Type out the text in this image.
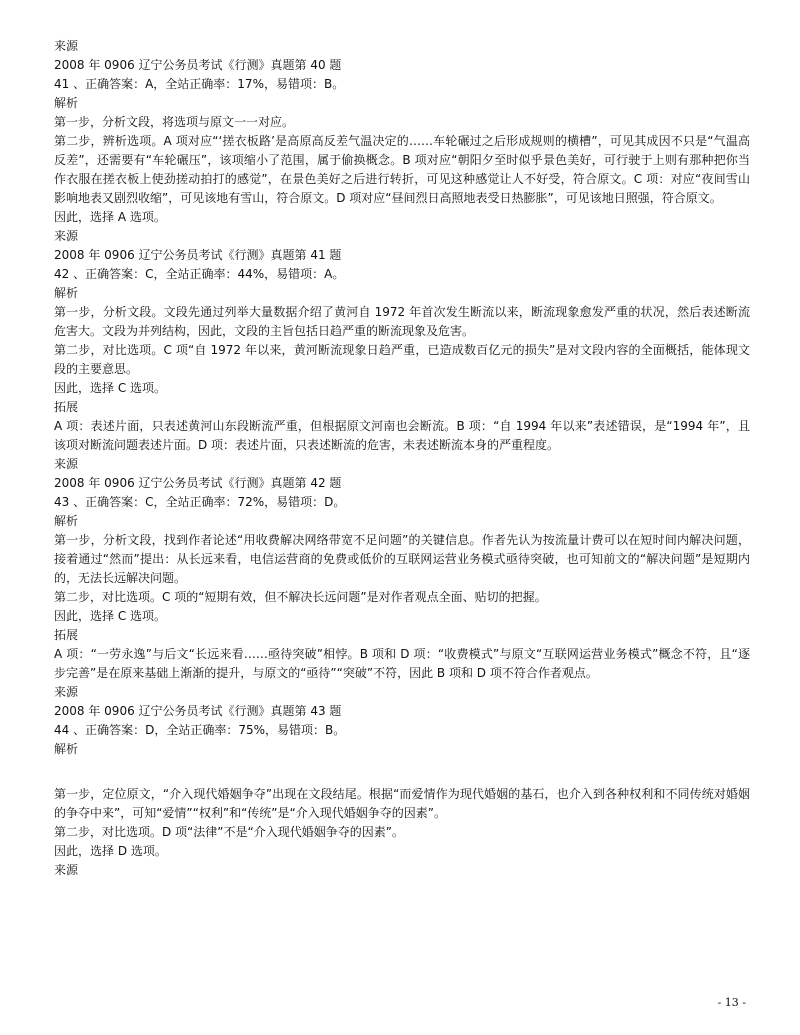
来源

2008 年 0906 辽宁公务员考试《行测》真题第 40 题

41 、正确答案：A，全站正确率：17%，易错项：B。

解析

第一步，分析文段，将选项与原文一一对应。

第二步，辨析选项。A 项对应“‘搓衣板路’是高原高反差气温决定的……车轮碾过之后形成规则的横槽”，可见其成因不只是“气温高反差”，还需要有“车轮碾压”，该项缩小了范围，属于偷换概念。B 项对应“朝阳夕至时似乎景色美好，可行驶于上则有那种把你当作衣服在搓衣板上使劲搓动拍打的感觉”，在景色美好之后进行转折，可见这种感觉让人不好受，符合原文。C 项：对应“夜间雪山影响地表又剧烈收缩”，可见该地有雪山，符合原文。D 项对应“昼间烈日高照地表受日热膨胀”，可见该地日照强，符合原文。

因此，选择 A 选项。

来源

2008 年 0906 辽宁公务员考试《行测》真题第 41 题

42 、正确答案：C，全站正确率：44%，易错项：A。

解析

第一步，分析文段。文段先通过列举大量数据介绍了黄河自 1972 年首次发生断流以来，断流现象愈发严重的状况，然后表述断流危害大。文段为并列结构，因此，文段的主旨包括日趋严重的断流现象及危害。

第二步，对比选项。C 项“自 1972 年以来，黄河断流现象日趋严重，已造成数百亿元的损失”是对文段内容的全面概括，能体现文段的主要意思。

因此，选择 C 选项。

拓展

A 项：表述片面，只表述黄河山东段断流严重，但根据原文河南也会断流。B 项：“自 1994 年以来”表述错误，是“1994 年”，且该项对断流问题表述片面。D 项：表述片面，只表述断流的危害，未表述断流本身的严重程度。

来源

2008 年 0906 辽宁公务员考试《行测》真题第 42 题

43 、正确答案：C，全站正确率：72%，易错项：D。

解析

第一步，分析文段，找到作者论述“用收费解决网络带宽不足问题”的关键信息。作者先认为按流量计费可以在短时间内解决问题，接着通过“然而”提出：从长远来看，电信运营商的免费或低价的互联网运营业务模式亟待突破，也可知前文的“解决问题”是短期内的，无法长远解决问题。

第二步，对比选项。C 项的“短期有效，但不解决长远问题”是对作者观点全面、贴切的把握。

因此，选择 C 选项。

拓展

A 项：“一劳永逸”与后文“长远来看……亟待突破”相悖。B 项和 D 项：“收费模式”与原文“互联网运营业务模式”概念不符，且“逐步完善”是在原来基础上渐渐的提升，与原文的“亟待”“突破”不符，因此 B 项和 D 项不符合作者观点。

来源

2008 年 0906 辽宁公务员考试《行测》真题第 43 题

44 、正确答案：D，全站正确率：75%，易错项：B。

解析

第一步，定位原文，“介入现代婚姻争夺”出现在文段结尾。根据“而爱情作为现代婚姻的基石，也介入到各种权利和不同传统对婚姻的争夺中来”，可知“爱情”“权利”和“传统”是“介入现代婚姻争夺的因素”。

第二步，对比选项。D 项“法律”不是“介入现代婚姻争夺的因素”。

因此，选择 D 选项。

来源

- 13 -
